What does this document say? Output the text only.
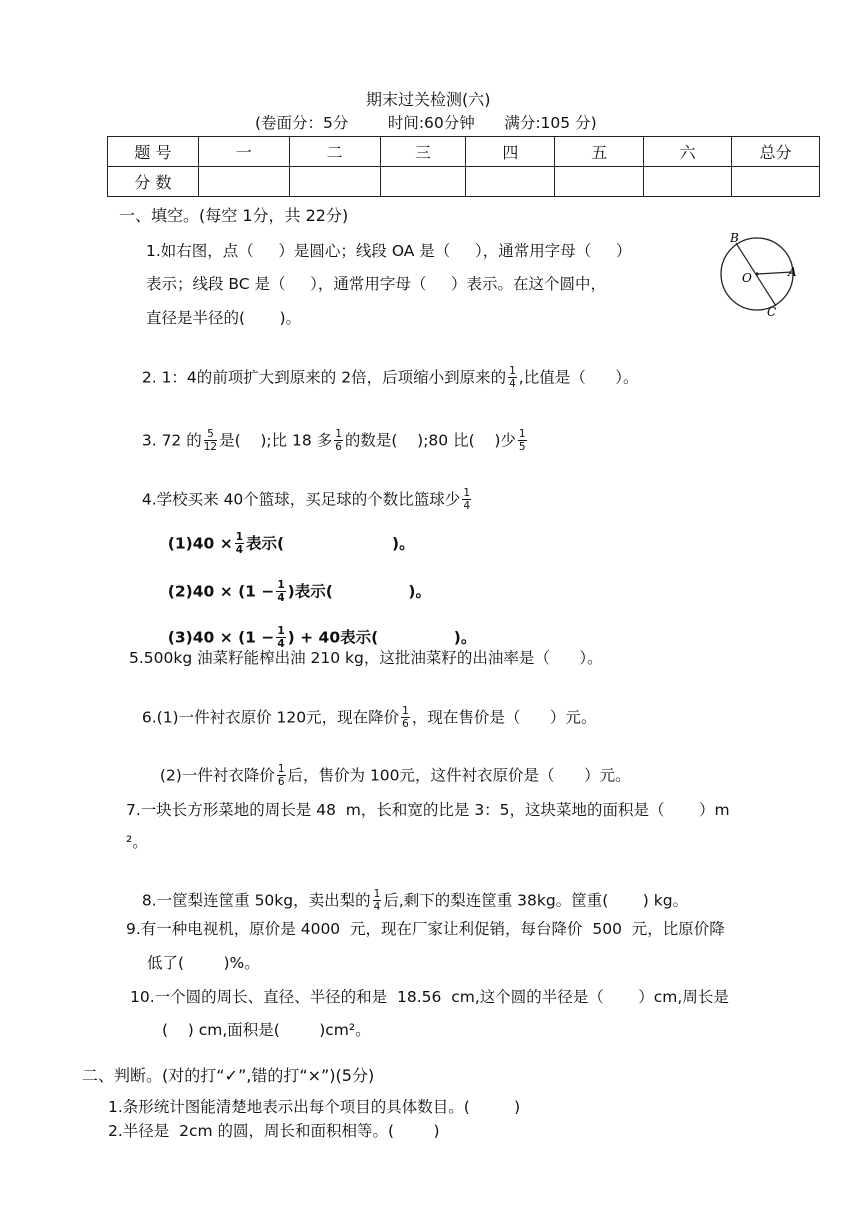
期末过关检测(六)
(卷面分：5分        时间:60分钟      满分:105 分)
题 号	一	二	三	四	五	六	总分
分 数							
一、填空。(每空 1分，共 22分)
1.如右图，点（     ）是圆心；线段 OA 是（     ），通常用字母（     ）
表示；线段 BC 是（     ），通常用字母（     ）表示。在这个圆中，
直径是半径的(       )。
B
O	A
C

2. 1：4的前项扩大到原来的 2倍，后项缩小到原来的 $\frac{1}{4}$ ,比值是（      ）。

3. 72 的 $\frac{5}{12}$ 是(    );比 18 多 $\frac{1}{6}$ 的数是(    );80 比(    )少 $\frac{1}{5}$

4.学校买来 40个篮球，买足球的个数比篮球少 $\frac{1}{4}$

$(1)40 \times \frac{1}{4}$ 表示(                    )。

$(2)40 \times (1 - \frac{1}{4}$ )表示(              )。

$(3)40 \times (1 - \frac{1}{4}$ ) + 40表示(              )。

5.500kg 油菜籽能榨出油 210 kg，这批油菜籽的出油率是（      ）。

6.(1)一件衬衣原价 120元，现在降价 $\frac{1}{6}$ ，现在售价是（      ）元。

(2)一件衬衣降价 $\frac{1}{6}$ 后，售价为 100元，这件衬衣原价是（      ）元。

7.一块长方形菜地的周长是 48  m，长和宽的比是 3：5，这块菜地的面积是（       ）m
²。

8.一筐梨连筐重 50kg，卖出梨的 $\frac{1}{4}$ 后,剩下的梨连筐重 38kg。筐重(       ) kg。

9.有一种电视机，原价是 4000  元，现在厂家让利促销，每台降价  500  元，比原价降
低了(        )%。
10.一个圆的周长、直径、半径的和是  18.56  cm,这个圆的半径是（       ）cm,周长是
(    ) cm,面积是(        )cm²。
二、判断。(对的打“✓”,错的打“×”)(5分)
1.条形统计图能清楚地表示出每个项目的具体数目。(         )
2.半径是  2cm 的圆，周长和面积相等。(        )
